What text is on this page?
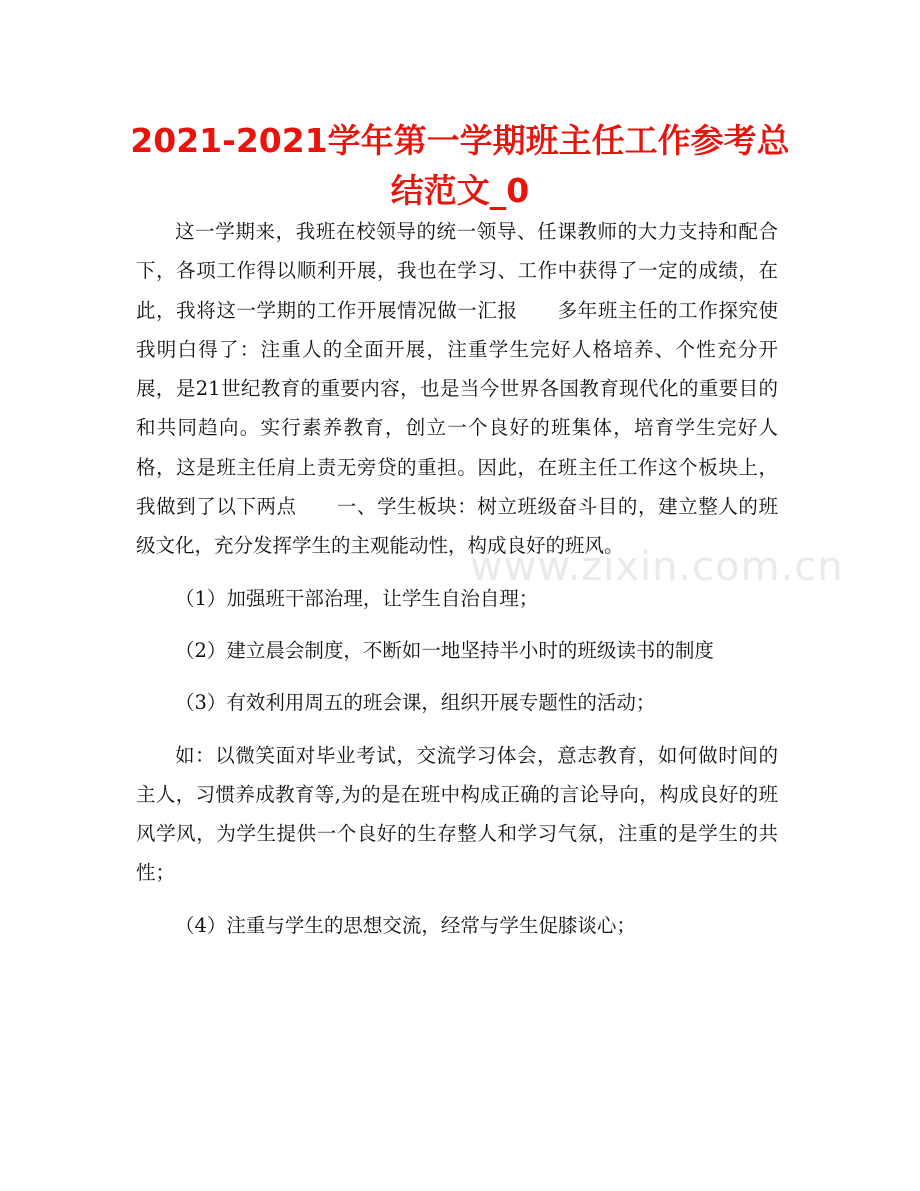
2021-2021学年第一学期班主任工作参考总结范文_0

这一学期来，我班在校领导的统一领导、任课教师的大力支持和配合下，各项工作得以顺利开展，我也在学习、工作中获得了一定的成绩，在此，我将这一学期的工作开展情况做一汇报　　多年班主任的工作探究使我明白得了：注重人的全面开展，注重学生完好人格培养、个性充分开展，是21世纪教育的重要内容，也是当今世界各国教育现代化的重要目的和共同趋向。实行素养教育，创立一个良好的班集体，培育学生完好人格，这是班主任肩上责无旁贷的重担。因此，在班主任工作这个板块上，我做到了以下两点　　一、学生板块：树立班级奋斗目的，建立整人的班级文化，充分发挥学生的主观能动性，构成良好的班风。

（1）加强班干部治理，让学生自治自理；

（2）建立晨会制度，不断如一地坚持半小时的班级读书的制度

（3）有效利用周五的班会课，组织开展专题性的活动；

如：以微笑面对毕业考试，交流学习体会，意志教育，如何做时间的主人，习惯养成教育等,为的是在班中构成正确的言论导向，构成良好的班风学风，为学生提供一个良好的生存整人和学习气氛，注重的是学生的共性；

（4）注重与学生的思想交流，经常与学生促膝谈心；

www.zixin.com.cn
